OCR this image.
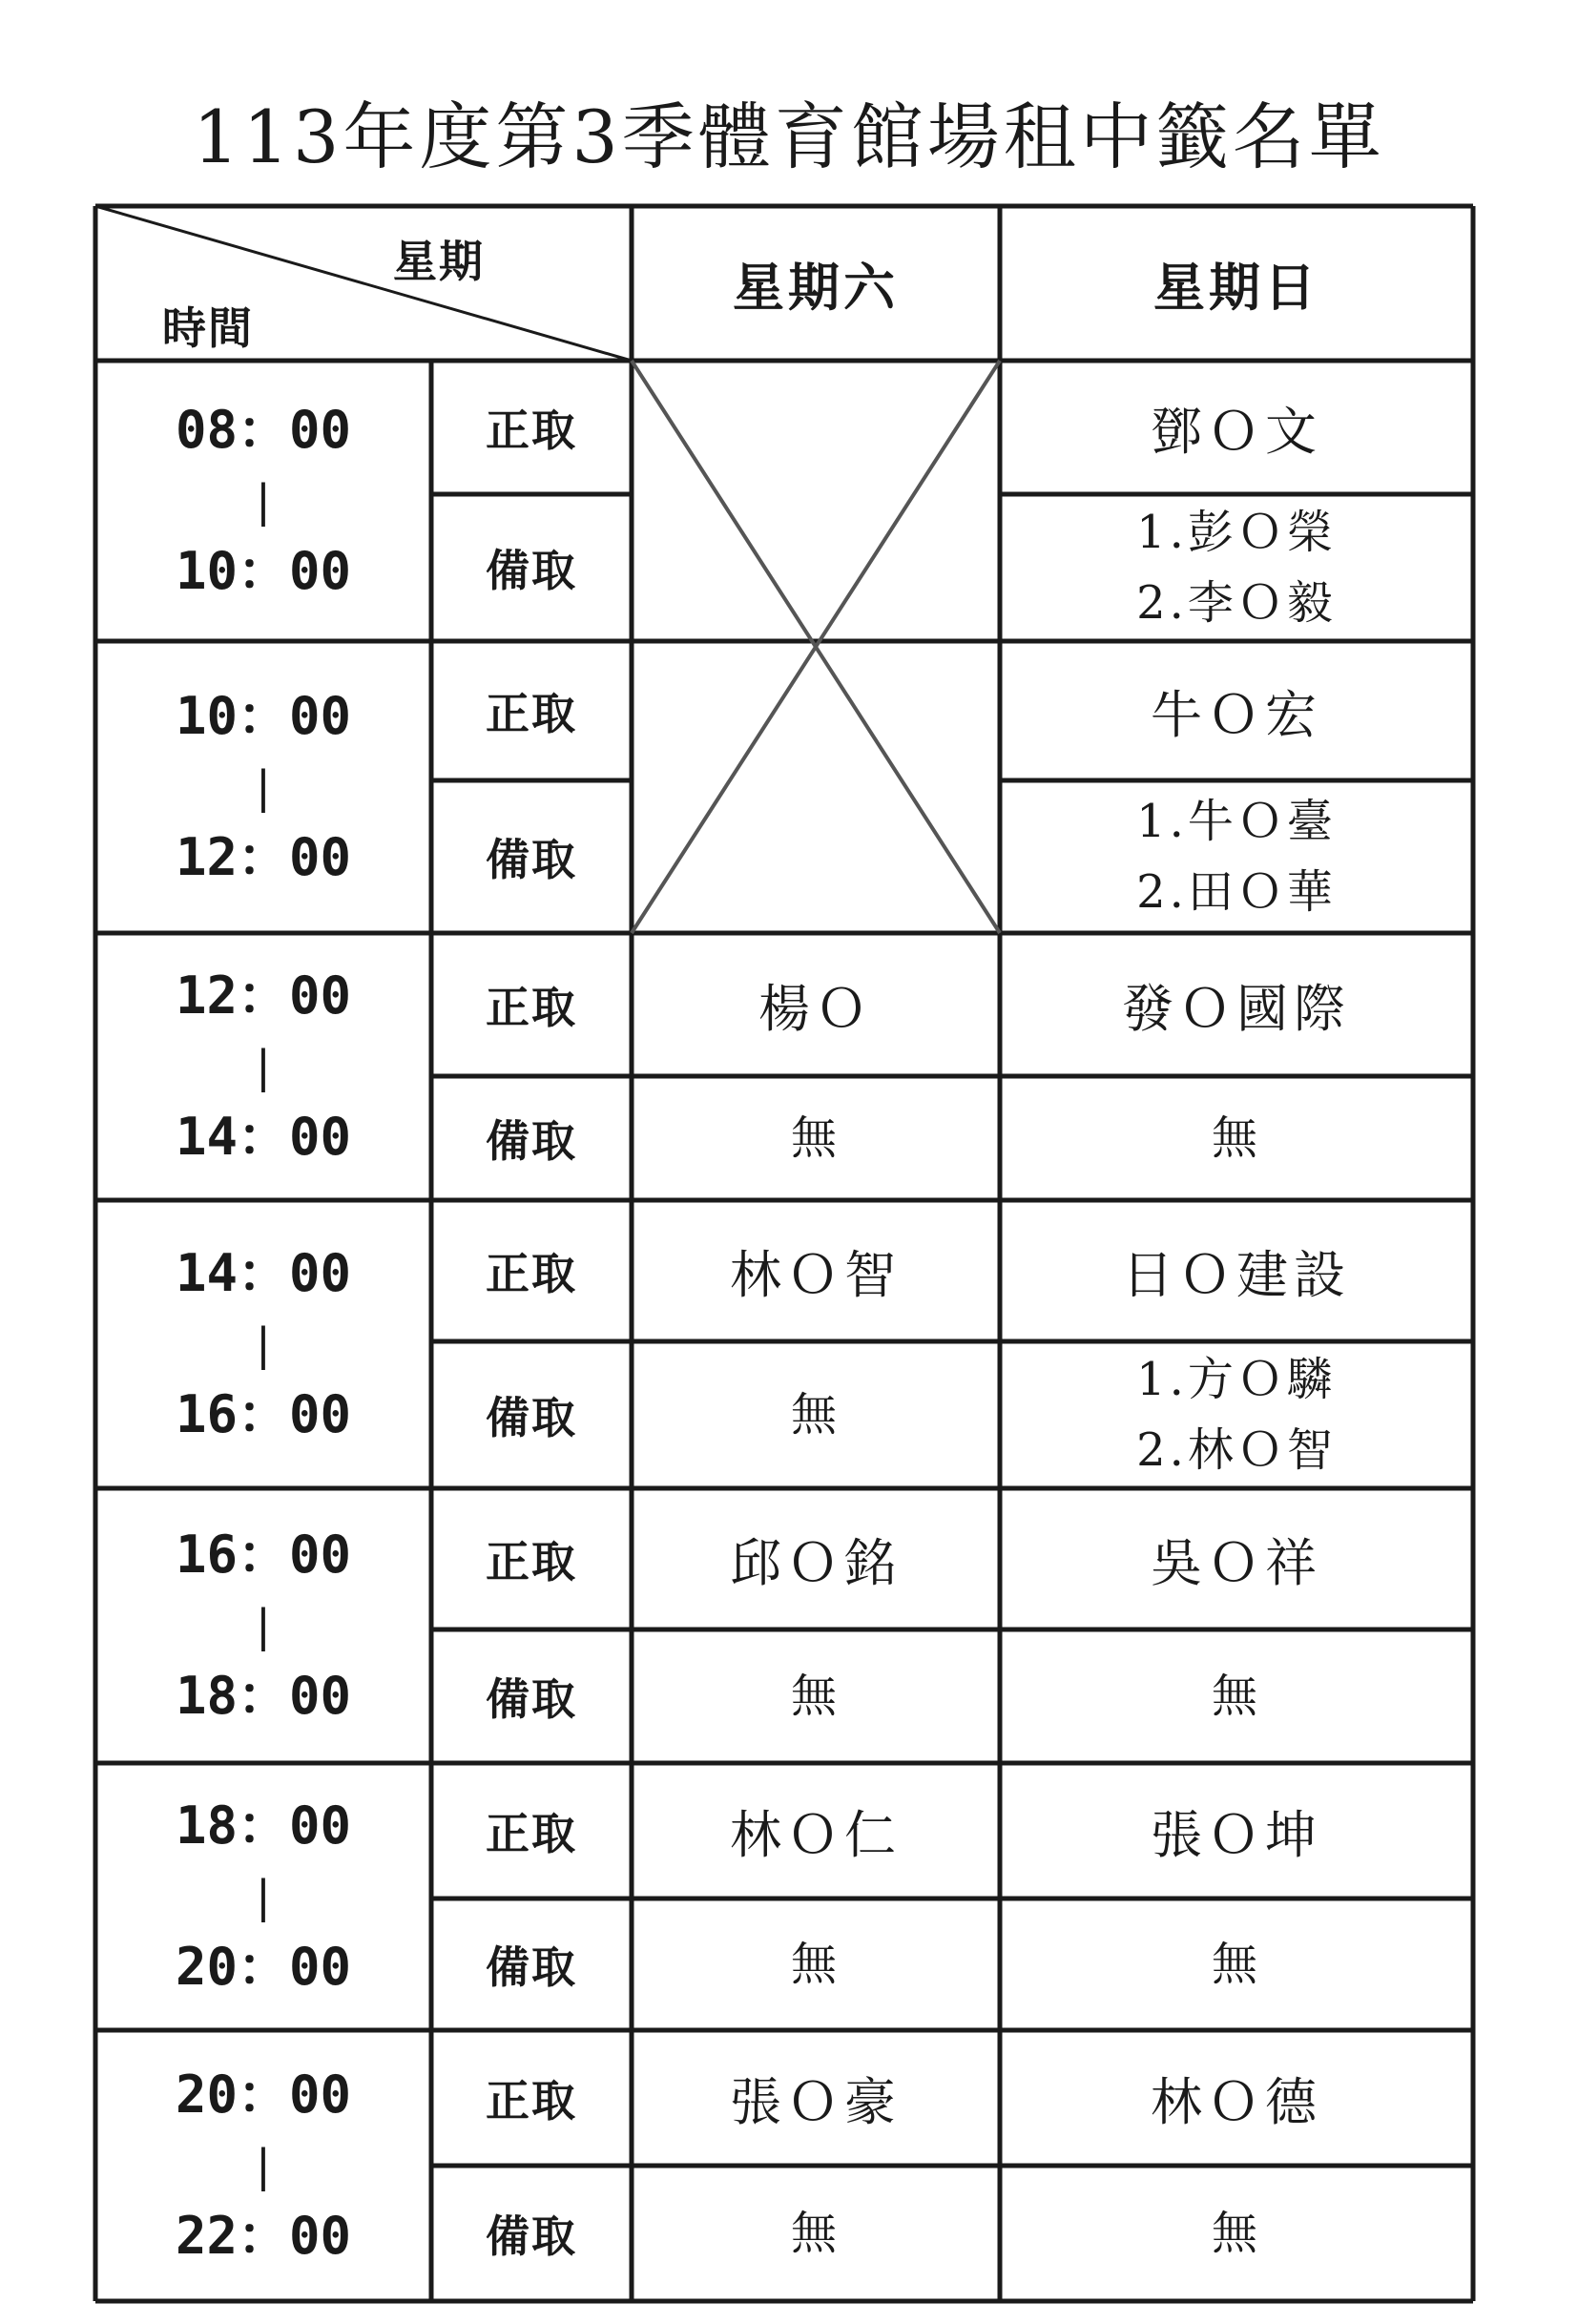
113年度第3季體育館場租中籤名單
星期
時間
星期六	星期日
08：00
|
10：00
正取
備取
鄧Ｏ文
1.彭Ｏ榮
2.李Ｏ毅
10：00
|
12：00
正取
備取
牛Ｏ宏
1.牛Ｏ臺
2.田Ｏ華
12：00
|
14：00
正取
備取
楊Ｏ
無
發Ｏ國際
無
14：00
|
16：00
正取
備取
林Ｏ智
無
日Ｏ建設
1.方Ｏ驎
2.林Ｏ智
16：00
|
18：00
正取
備取
邱Ｏ銘
無
吳Ｏ祥
無
18：00
|
20：00
正取
備取
林Ｏ仁
無
張Ｏ坤
無
20：00
|
22：00
正取
備取
張Ｏ豪
無
林Ｏ德
無
